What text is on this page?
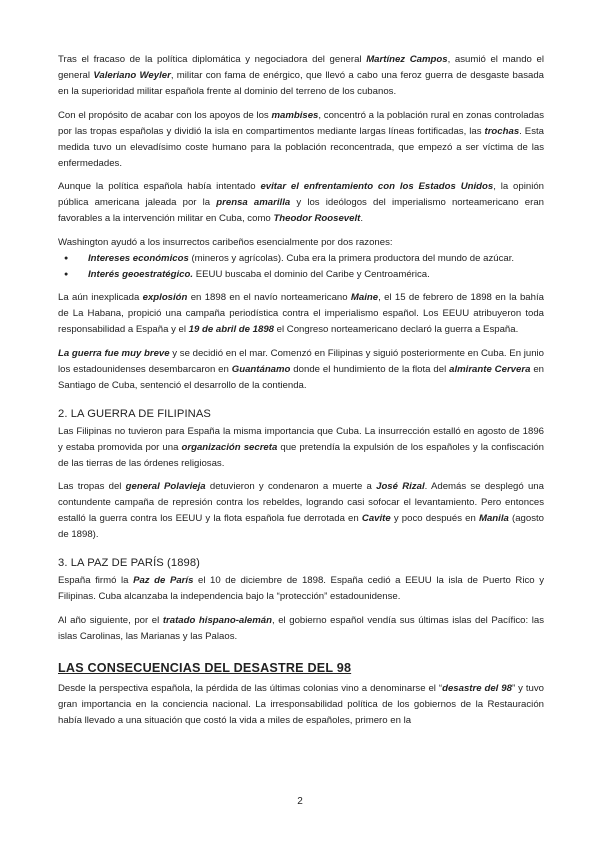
Tras el fracaso de la política diplomática y negociadora del general Martínez Campos, asumió el mando el general Valeriano Weyler, militar con fama de enérgico, que llevó a cabo una feroz guerra de desgaste basada en la superioridad militar española frente al dominio del terreno de los cubanos.

Con el propósito de acabar con los apoyos de los mambises, concentró a la población rural en zonas controladas por las tropas españolas y dividió la isla en compartimentos mediante largas líneas fortificadas, las trochas. Esta medida tuvo un elevadísimo coste humano para la población reconcentrada, que empezó a ser víctima de las enfermedades.

Aunque la política española había intentado evitar el enfrentamiento con los Estados Unidos, la opinión pública americana jaleada por la prensa amarilla y los ideólogos del imperialismo norteamericano eran favorables a la intervención militar en Cuba, como Theodor Roosevelt.

Washington ayudó a los insurrectos caribeños esencialmente por dos razones:

● Intereses económicos (mineros y agrícolas). Cuba era la primera productora del mundo de azúcar.
● Interés geoestratégico. EEUU buscaba el dominio del Caribe y Centroamérica.

La aún inexplicada explosión en 1898 en el navío norteamericano Maine, el 15 de febrero de 1898 en la bahía de La Habana, propició una campaña periodística contra el imperialismo español. Los EEUU atribuyeron toda responsabilidad a España y el 19 de abril de 1898 el Congreso norteamericano declaró la guerra a España.

La guerra fue muy breve y se decidió en el mar. Comenzó en Filipinas y siguió posteriormente en Cuba. En junio los estadounidenses desembarcaron en Guantánamo donde el hundimiento de la flota del almirante Cervera en Santiago de Cuba, sentenció el desarrollo de la contienda.

2. LA GUERRA DE FILIPINAS

Las Filipinas no tuvieron para España la misma importancia que Cuba. La insurrección estalló en agosto de 1896 y estaba promovida por una organización secreta que pretendía la expulsión de los españoles y la confiscación de las tierras de las órdenes religiosas.

Las tropas del general Polavieja detuvieron y condenaron a muerte a José Rizal. Además se desplegó una contundente campaña de represión contra los rebeldes, logrando casi sofocar el levantamiento. Pero entonces estalló la guerra contra los EEUU y la flota española fue derrotada en Cavite y poco después en Manila (agosto de 1898).

3. LA PAZ DE PARÍS (1898)

España firmó la Paz de París el 10 de diciembre de 1898. España cedió a EEUU la isla de Puerto Rico y Filipinas. Cuba alcanzaba la independencia bajo la “protección” estadounidense.

Al año siguiente, por el tratado hispano-alemán, el gobierno español vendía sus últimas islas del Pacífico: las islas Carolinas, las Marianas y las Palaos.

LAS CONSECUENCIAS DEL DESASTRE DEL 98

Desde la perspectiva española, la pérdida de las últimas colonias vino a denominarse el “desastre del 98” y tuvo gran importancia en la conciencia nacional. La irresponsabilidad política de los gobiernos de la Restauración había llevado a una situación que costó la vida a miles de españoles, primero en la

2
